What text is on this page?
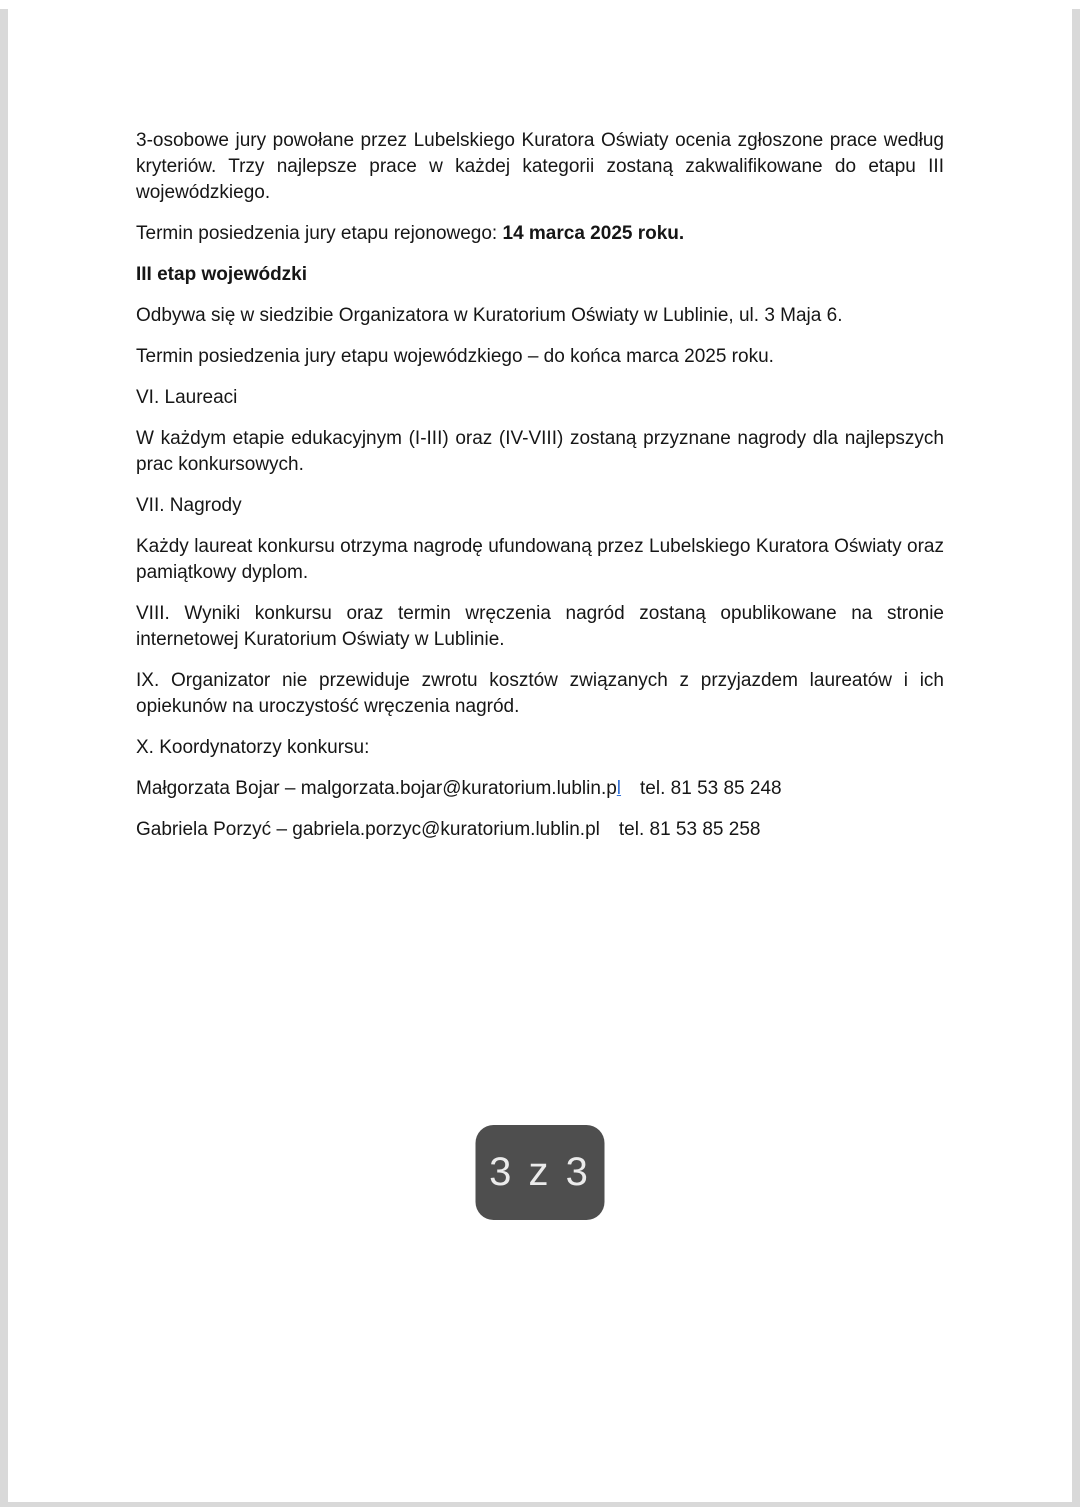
3-osobowe jury powołane przez Lubelskiego Kuratora Oświaty ocenia zgłoszone prace według kryteriów. Trzy najlepsze prace w każdej kategorii zostaną zakwalifikowane do etapu III wojewódzkiego.

Termin posiedzenia jury etapu rejonowego: 14 marca 2025 roku.

III etap wojewódzki

Odbywa się w siedzibie Organizatora w Kuratorium Oświaty w Lublinie, ul. 3 Maja 6.

Termin posiedzenia jury etapu wojewódzkiego – do końca marca 2025 roku.

VI. Laureaci

W każdym etapie edukacyjnym (I-III) oraz (IV-VIII) zostaną przyznane nagrody dla najlepszych prac konkursowych.

VII. Nagrody

Każdy laureat konkursu otrzyma nagrodę ufundowaną przez Lubelskiego Kuratora Oświaty oraz pamiątkowy dyplom.

VIII. Wyniki konkursu oraz termin wręczenia nagród zostaną opublikowane na stronie internetowej Kuratorium Oświaty w Lublinie.

IX. Organizator nie przewiduje zwrotu kosztów związanych z przyjazdem laureatów i ich opiekunów na uroczystość wręczenia nagród.

X. Koordynatorzy konkursu:

Małgorzata Bojar – malgorzata.bojar@kuratorium.lublin.pl tel. 81 53 85 248

Gabriela Porzyć – gabriela.porzyc@kuratorium.lublin.pl tel. 81 53 85 258

3 z 3
